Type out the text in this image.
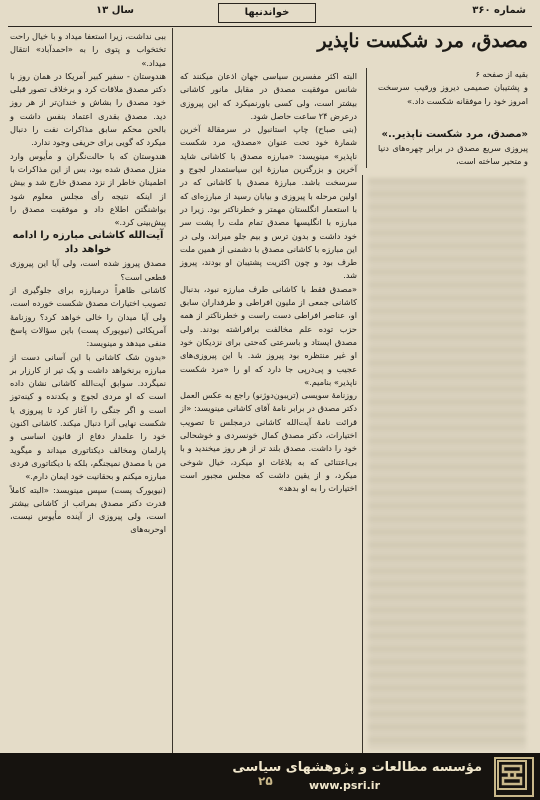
شماره ۳۶۰
خواندنیها
سال ۱۳
مصدق، مرد شکست ناپذیر

بقیه از صفحه ۶

و پشتیبان صمیمی دیروز ورقیب سرسخت امروز خود را موفقانه شکست داد.»

«مصدق، مرد شکست ناپذیر..»

پیروزی سریع مصدق در برابر چهره‌های دنیا و متحیر ساخته است،

البته اکثر مفسرین سیاسی جهان اذعان میکنند که شانس موفقیت مصدق در مقابل مانور کاشانی بیشتر است، ولی کسی باورنمیکرد که این پیروزی درعرض ۲۴ ساعت حاصل شود.

(بنی صباح) چاپ استانبول در سرمقالهٔ آخرین شمارهٔ خود تحت عنوان «مصدق، مرد شکست ناپذیر» مینویسد: «مبارزه مصدق با کاشانی شاید آخرین و بزرگترین مبارزهٔ این سیاستمدار لجوج و سرسخت باشد. مبارزهٔ مصدق با کاشانی که در اولین مرحله با پیروزی و بیابان رسید از مبارزه‌ای که با استعمار انگلستان مهمتر و خطرناکتر بود. زیرا در مبارزه با انگلیسها مصدق تمام ملت را پشت سر خود داشت و بدون ترس و بیم جلو میراند، ولی در این مبارزه با کاشانی مصدق با دشمنی از همین ملت طرف بود و چون اکثریت پشتیبان او بودند، پیروز شد.

«مصدق فقط با کاشانی طرف مبارزه نبود، بدنبال کاشانی جمعی از ملیون افراطی و طرفداران سابق او، عناصر افراطی دست راست و خطرناکتر از همه حزب توده علم مخالفت برافراشته بودند. ولی مصدق ایستاد و باسرعتی که‌حتی برای نزدیکان خود او غیر منتظره بود پیروز شد. با این پیروزی‌های عجیب و پی‌درپی جا دارد که او را «مرد شکست ناپذیر» بنامیم.»

روزنامهٔ سویسی (تریبون‌دوژنو) راجع به عکس العمل دکتر مصدق در برابر نامهٔ آقای کاشانی مینویسد: «از قرائت نامهٔ آیت‌الله کاشانی درمجلس تا تصویب اختیارات، دکتر مصدق کمال خونسردی و خوشحالی خود را داشت. مصدق بلند تر از هر روز میخندید و با بی‌اعتنائی که به بلاغات او میکرد، خیال شوخی میکرد، و از یقین داشت که مجلس مجبور است اختیارات را به او بدهد»

ببی نداشت، زیرا استعفا میداد و با خیال راحت تختخواب و پتوی را به «احمدآباد» انتقال میداد.»

هندوستان - سفیر کبیر آمریکا در همان روز با دکتر مصدق ملاقات کرد و برخلاف تصور قبلی خود مصدق را بشاش و خندان‌تر از هر روز دید. مصدق بقدری اعتماد بنفس داشت و بالحن محکم سابق مذاکرات نفت را دنبال میکرد که گویی برای حریفی وجود ندارد.

هندوستان که با حالت‌نگران و مأیوس وارد منزل مصدق شده بود، بس از این مذاکرات با اطمینان خاطر از نزد مصدق خارج شد و بیش از اینکه نتیجه رأی مجلس معلوم شود بواشنگتن اطلاع داد و موفقیت مصدق را پیش‌بینی کرد.»

آیت‌الله کاشانی مبارزه را ادامه خواهد داد

مصدق پیروز شده است، ولی آیا این پیروزی قطعی است؟

کاشانی ظاهراً درمبارزه برای جلوگیری از تصویب اختیارات مصدق شکست خورده است، ولی آیا میدان را خالی خواهد کرد؟ روزنامهٔ آمریکائی (نیویورک پست) باین سؤالات پاسخ منفی میدهد و مینویسد:

«بدون شک کاشانی با این آسانی دست از مبارزه برنخواهد داشت و یک تیر از کارزار بر نمیگردد. سوابق آیت‌الله کاشانی نشان داده است که او مردی لجوج و یکدنده و کینه‌توز است و اگر جنگی را آغاز کرد تا پیروزی یا شکست نهایی آنرا دنبال میکند. کاشانی اکنون خود را علمدار دفاع از قانون اساسی و پارلمان ومخالف دیکتاتوری میداند و میگوید من با مصدق نمیجنگم، بلکه با دیکتاتوری فردی مبارزه میکنم و بحقانیت خود ایمان دارم.»

(نیویورک پست) سپس مینویسد: «البته کاملاً قدرت دکتر مصدق بمراتب از کاشانی بیشتر است، ولی پیروزی از آینده مأیوس نیست، اوحربه‌های

مؤسسه مطالعات و پژوهشهای سیاسی
www.psri.ir
۲۵
